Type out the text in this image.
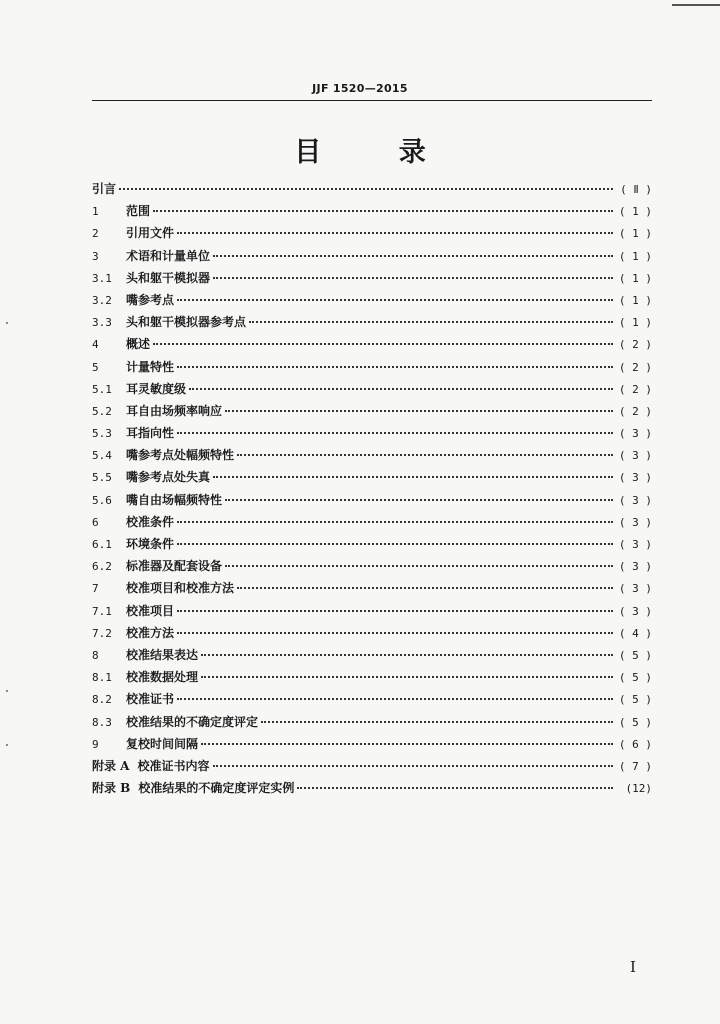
JJF 1520—2015
目 录
引言	( Ⅱ )
1	范围	( 1 )
2	引用文件	( 1 )
3	术语和计量单位	( 1 )
3.1	头和躯干模拟器	( 1 )
3.2	嘴参考点	( 1 )
3.3	头和躯干模拟器参考点	( 1 )
4	概述	( 2 )
5	计量特性	( 2 )
5.1	耳灵敏度级	( 2 )
5.2	耳自由场频率响应	( 2 )
5.3	耳指向性	( 3 )
5.4	嘴参考点处幅频特性	( 3 )
5.5	嘴参考点处失真	( 3 )
5.6	嘴自由场幅频特性	( 3 )
6	校准条件	( 3 )
6.1	环境条件	( 3 )
6.2	标准器及配套设备	( 3 )
7	校准项目和校准方法	( 3 )
7.1	校准项目	( 3 )
7.2	校准方法	( 4 )
8	校准结果表达	( 5 )
8.1	校准数据处理	( 5 )
8.2	校准证书	( 5 )
8.3	校准结果的不确定度评定	( 5 )
9	复校时间间隔	( 6 )
附录 A 校准证书内容	( 7 )
附录 B 校准结果的不确定度评定实例	(12)
I
